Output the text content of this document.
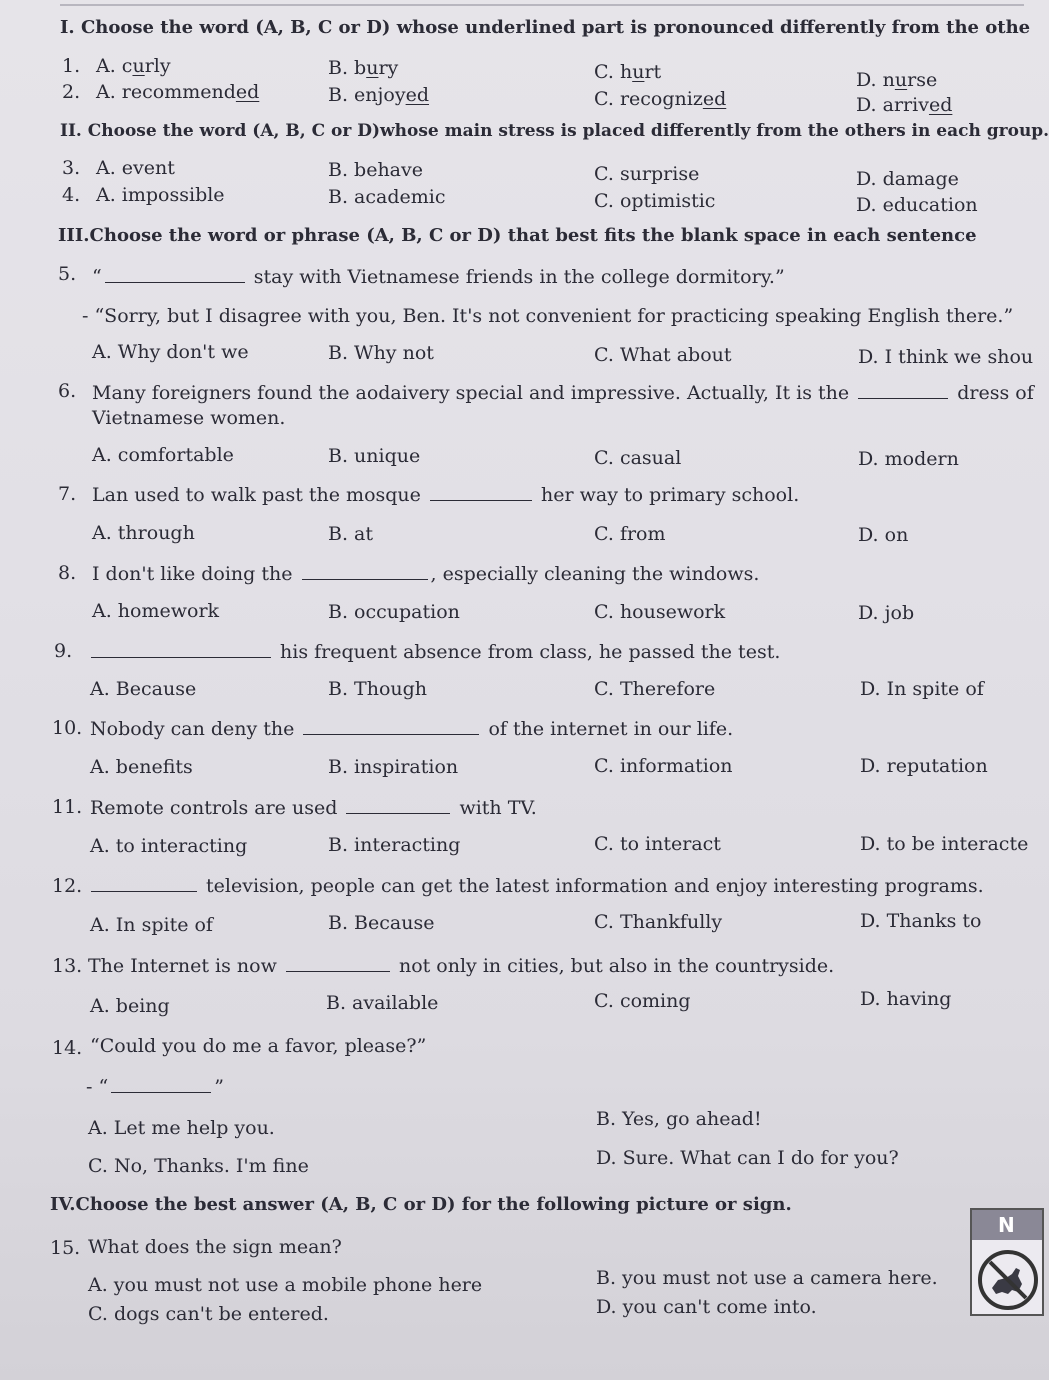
I. Choose the word (A, B, C or D) whose underlined part is pronounced differently from the othe
1. A. curly	B. bury	C. hurt	D. nurse
2. A. recommended	B. enjoyed	C. recognized	D. arrived
II. Choose the word (A, B, C or D)whose main stress is placed differently from the others in each group.
3. A. event	B. behave	C. surprise	D. damage
4. A. impossible	B. academic	C. optimistic	D. education
III.Choose the word or phrase (A, B, C or D) that best fits the blank space in each sentence
5. “	stay with Vietnamese friends in the college dormitory.”
- “Sorry, but I disagree with you, Ben. It's not convenient for practicing speaking English there.”
A. Why don't we	B. Why not	C. What about	D. I think we shou
6. Many foreigners found the aodaivery special and impressive. Actually, It is the	dress of
Vietnamese women.
A. comfortable	B. unique	C. casual	D. modern
7. Lan used to walk past the mosque	her way to primary school.
A. through	B. at	C. from	D. on
8. I don't like doing the	, especially cleaning the windows.
A. homework	B. occupation	C. housework	D. job
9.	his frequent absence from class, he passed the test.
A. Because	B. Though	C. Therefore	D. In spite of
10. Nobody can deny the	of the internet in our life.
A. benefits	B. inspiration	C. information	D. reputation
11. Remote controls are used	with TV.
A. to interacting	B. interacting	C. to interact	D. to be interacte
12.	television, people can get the latest information and enjoy interesting programs.
A. In spite of	B. Because	C. Thankfully	D. Thanks to
13. The Internet is now	not only in cities, but also in the countryside.
A. being	B. available	C. coming	D. having
14. “Could you do me a favor, please?”
- “	”
A. Let me help you.	B. Yes, go ahead!
C. No, Thanks. I'm fine	D. Sure. What can I do for you?
IV.Choose the best answer (A, B, C or D) for the following picture or sign.
15. What does the sign mean?
A. you must not use a mobile phone here	B. you must not use a camera here.
C. dogs can't be entered.	D. you can't come into.
N
